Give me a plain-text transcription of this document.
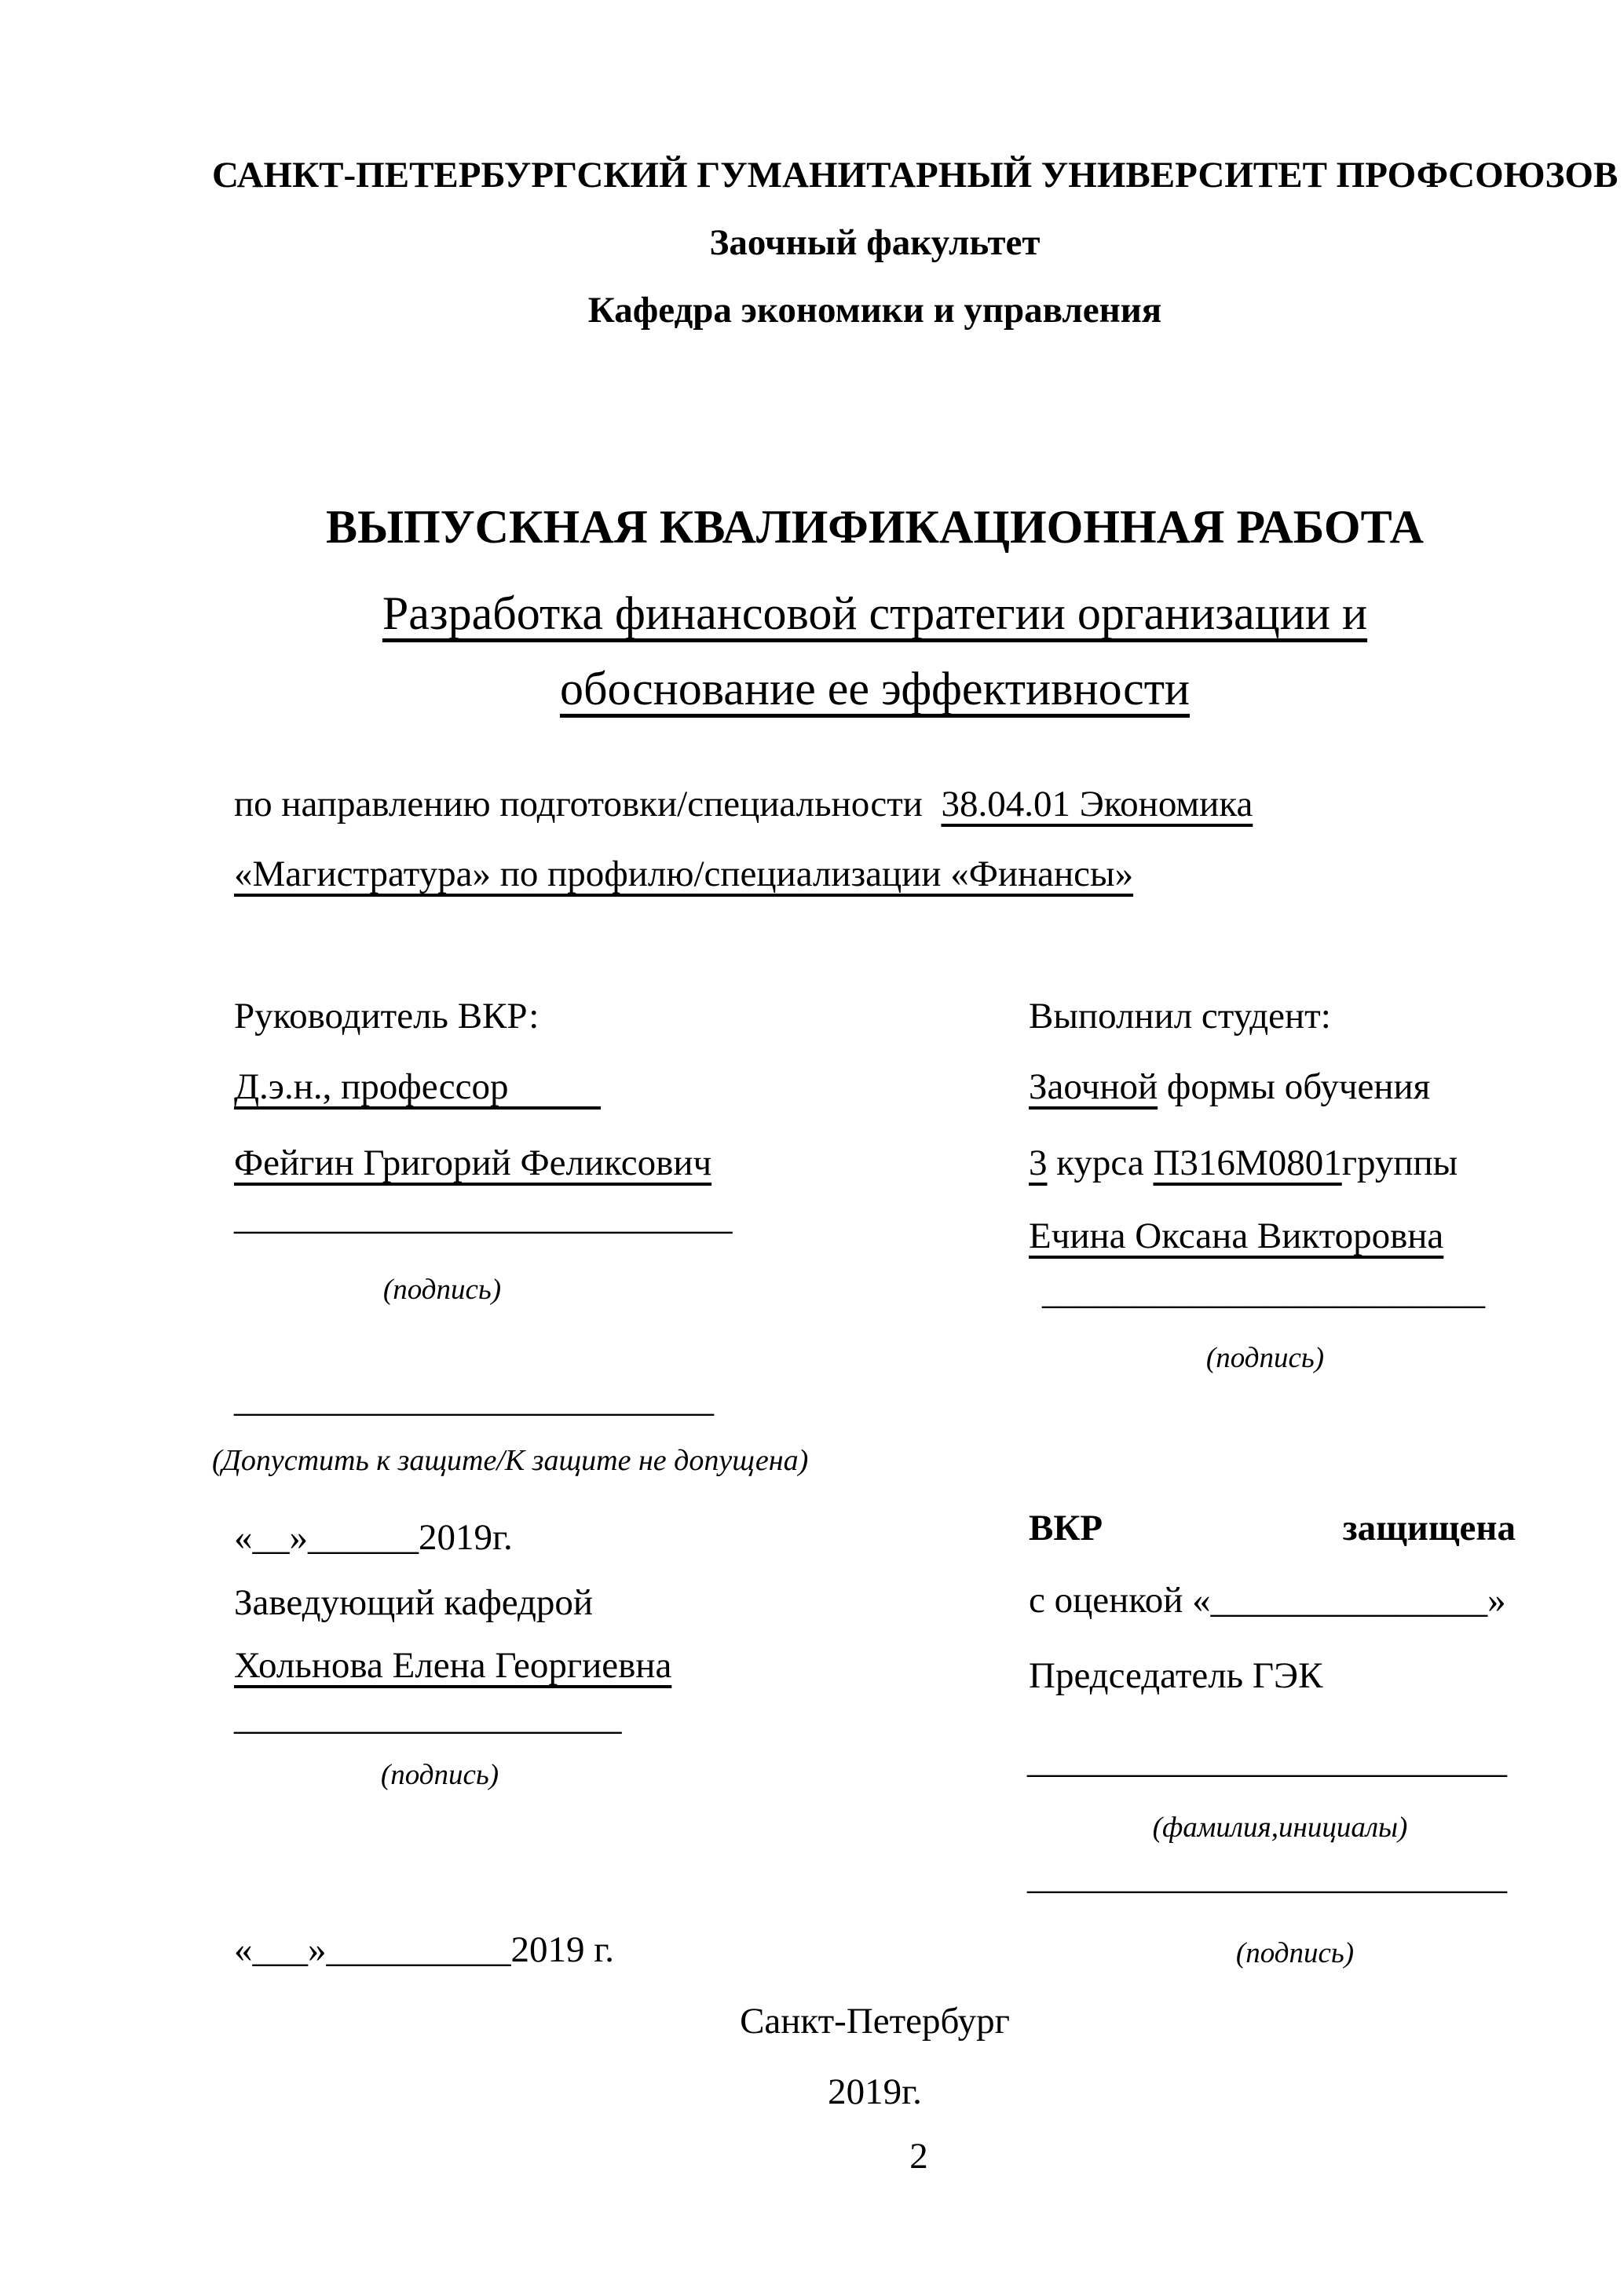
САНКТ-ПЕТЕРБУРГСКИЙ ГУМАНИТАРНЫЙ УНИВЕРСИТЕТ ПРОФСОЮЗОВ
Заочный факультет
Кафедра экономики и управления
ВЫПУСКНАЯ КВАЛИФИКАЦИОННАЯ РАБОТА
Разработка финансовой стратегии организации и
обоснование ее эффективности
по направлению подготовки/специальности 38.04.01 Экономика
«Магистратура» по профилю/специализации «Финансы»
Руководитель ВКР:
Д.э.н., профессор
Фейгин Григорий Феликсович
___________________________
(подпись)
Выполнил студент:
Заочной формы обучения
3 курса П316М0801группы
Ечина Оксана Викторовна
________________________
(подпись)
__________________________
(Допустить к защите/К защите не допущена)
«__»______2019г.
Заведующий кафедрой
Хольнова Елена Георгиевна
_____________________
(подпись)
«___»__________2019 г.
ВКР	защищена
с оценкой «_______________»
Председатель ГЭК
__________________________
(фамилия,инициалы)
__________________________
(подпись)
Санкт-Петербург
2019г.
2
